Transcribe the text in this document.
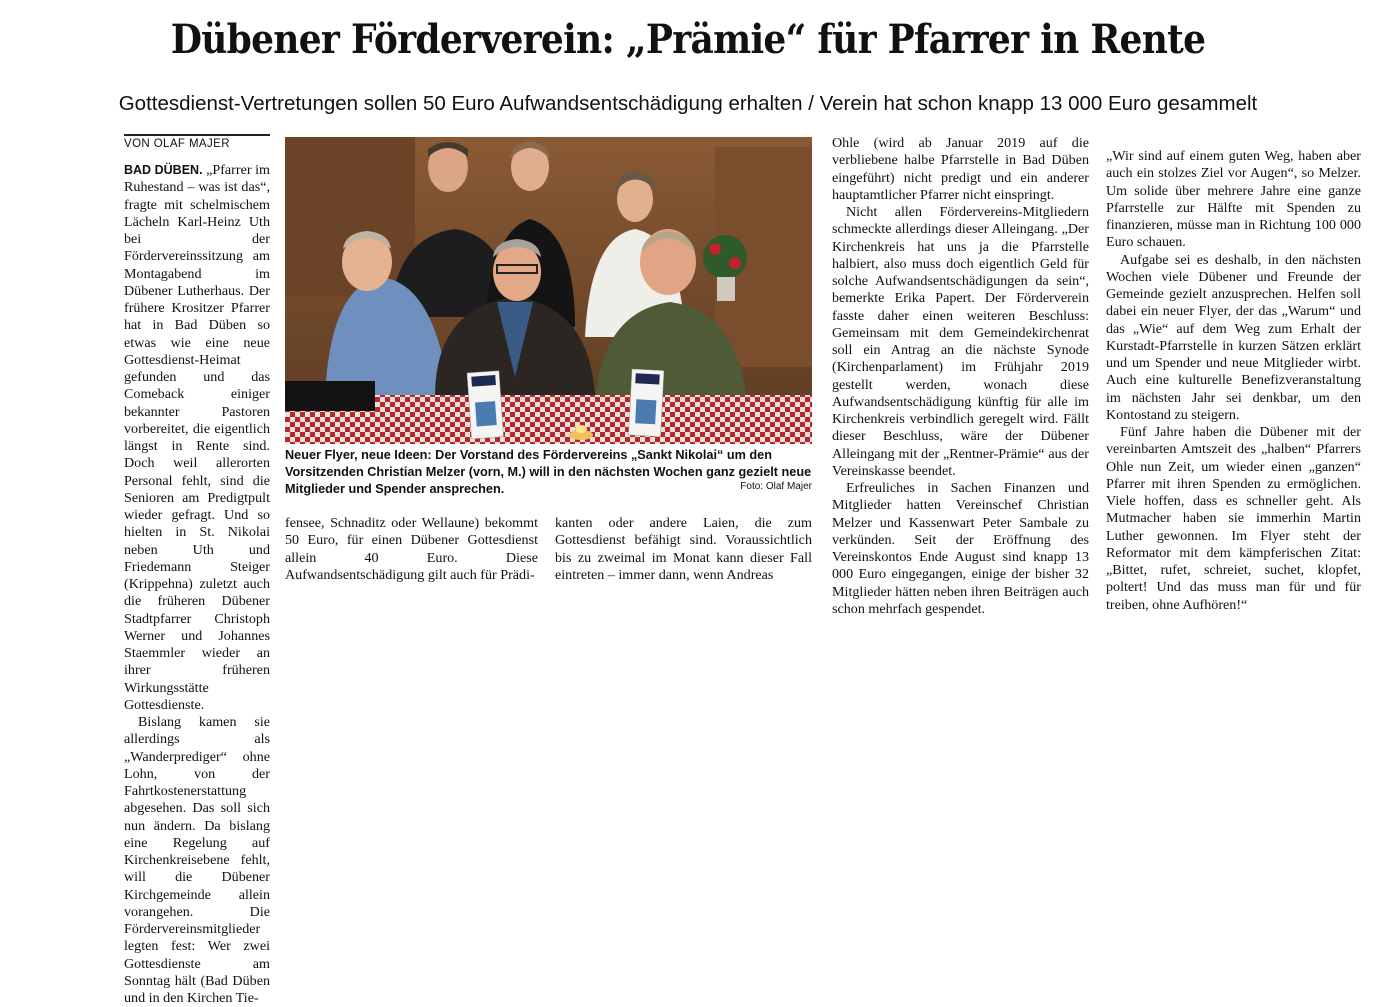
Dübener Förderverein: „Prämie“ für Pfarrer in Rente
Gottesdienst-Vertretungen sollen 50 Euro Aufwandsentschädigung erhalten / Verein hat schon knapp 13 000 Euro gesammelt
VON OLAF MAJER

BAD DÜBEN. „Pfarrer im Ruhestand – was ist das“, fragte mit schelmischem Lächeln Karl-Heinz Uth bei der Fördervereinssitzung am Montagabend im Dübener Lutherhaus. Der frühere Krositzer Pfarrer hat in Bad Düben so etwas wie eine neue Gottesdienst-Heimat gefunden und das Comeback einiger bekannter Pastoren vorbereitet, die eigentlich längst in Rente sind. Doch weil allerorten Personal fehlt, sind die Senioren am Predigtpult wieder gefragt. Und so hielten in St. Nikolai neben Uth und Friedemann Steiger (Krippehna) zuletzt auch die früheren Dübener Stadtpfarrer Christoph Werner und Johannes Staemmler wieder an ihrer früheren Wirkungsstätte Gottesdienste.

Bislang kamen sie allerdings als „Wanderprediger“ ohne Lohn, von der Fahrtkostenerstattung abgesehen. Das soll sich nun ändern. Da bislang eine Regelung auf Kirchenkreisebene fehlt, will die Dübener Kirchgemeinde allein vorangehen. Die Fördervereinsmitglieder legten fest: Wer zwei Gottesdienste am Sonntag hält (Bad Düben und in den Kirchen Tie-

Neuer Flyer, neue Ideen: Der Vorstand des Fördervereins „Sankt Nikolai“ um den Vorsitzenden Christian Melzer (vorn, M.) will in den nächsten Wochen ganz gezielt neue Mitglieder und Spender ansprechen.	Foto: Olaf Majer

fensee, Schnaditz oder Wellaune) bekommt 50 Euro, für einen Dübener Gottesdienst allein 40 Euro. Diese Aufwandsentschädigung gilt auch für Prädi-

kanten oder andere Laien, die zum Gottesdienst befähigt sind. Voraussichtlich bis zu zweimal im Monat kann dieser Fall eintreten – immer dann, wenn Andreas

Ohle (wird ab Januar 2019 auf die verbliebene halbe Pfarrstelle in Bad Düben eingeführt) nicht predigt und ein anderer hauptamtlicher Pfarrer nicht einspringt.

Nicht allen Fördervereins-Mitgliedern schmeckte allerdings dieser Alleingang. „Der Kirchenkreis hat uns ja die Pfarrstelle halbiert, also muss doch eigentlich Geld für solche Aufwandsentschädigungen da sein“, bemerkte Erika Papert. Der Förderverein fasste daher einen weiteren Beschluss: Gemeinsam mit dem Gemeindekirchenrat soll ein Antrag an die nächste Synode (Kirchenparlament) im Frühjahr 2019 gestellt werden, wonach diese Aufwandsentschädigung künftig für alle im Kirchenkreis verbindlich geregelt wird. Fällt dieser Beschluss, wäre der Dübener Alleingang mit der „Rentner-Prämie“ aus der Vereinskasse beendet.

Erfreuliches in Sachen Finanzen und Mitglieder hatten Vereinschef Christian Melzer und Kassenwart Peter Sambale zu verkünden. Seit der Eröffnung des Vereinskontos Ende August sind knapp 13 000 Euro eingegangen, einige der bisher 32 Mitglieder hätten neben ihren Beiträgen auch schon mehrfach gespendet.

„Wir sind auf einem guten Weg, haben aber auch ein stolzes Ziel vor Augen“, so Melzer. Um solide über mehrere Jahre eine ganze Pfarrstelle zur Hälfte mit Spenden zu finanzieren, müsse man in Richtung 100 000 Euro schauen.

Aufgabe sei es deshalb, in den nächsten Wochen viele Dübener und Freunde der Gemeinde gezielt anzusprechen. Helfen soll dabei ein neuer Flyer, der das „Warum“ und das „Wie“ auf dem Weg zum Erhalt der Kurstadt-Pfarrstelle in kurzen Sätzen erklärt und um Spender und neue Mitglieder wirbt. Auch eine kulturelle Benefizveranstaltung im nächsten Jahr sei denkbar, um den Kontostand zu steigern.

Fünf Jahre haben die Dübener mit der vereinbarten Amtszeit des „halben“ Pfarrers Ohle nun Zeit, um wieder einen „ganzen“ Pfarrer mit ihren Spenden zu ermöglichen. Viele hoffen, dass es schneller geht. Als Mutmacher haben sie immerhin Martin Luther gewonnen. Im Flyer steht der Reformator mit dem kämpferischen Zitat: „Bittet, rufet, schreiet, suchet, klopfet, poltert! Und das muss man für und für treiben, ohne Aufhören!“
